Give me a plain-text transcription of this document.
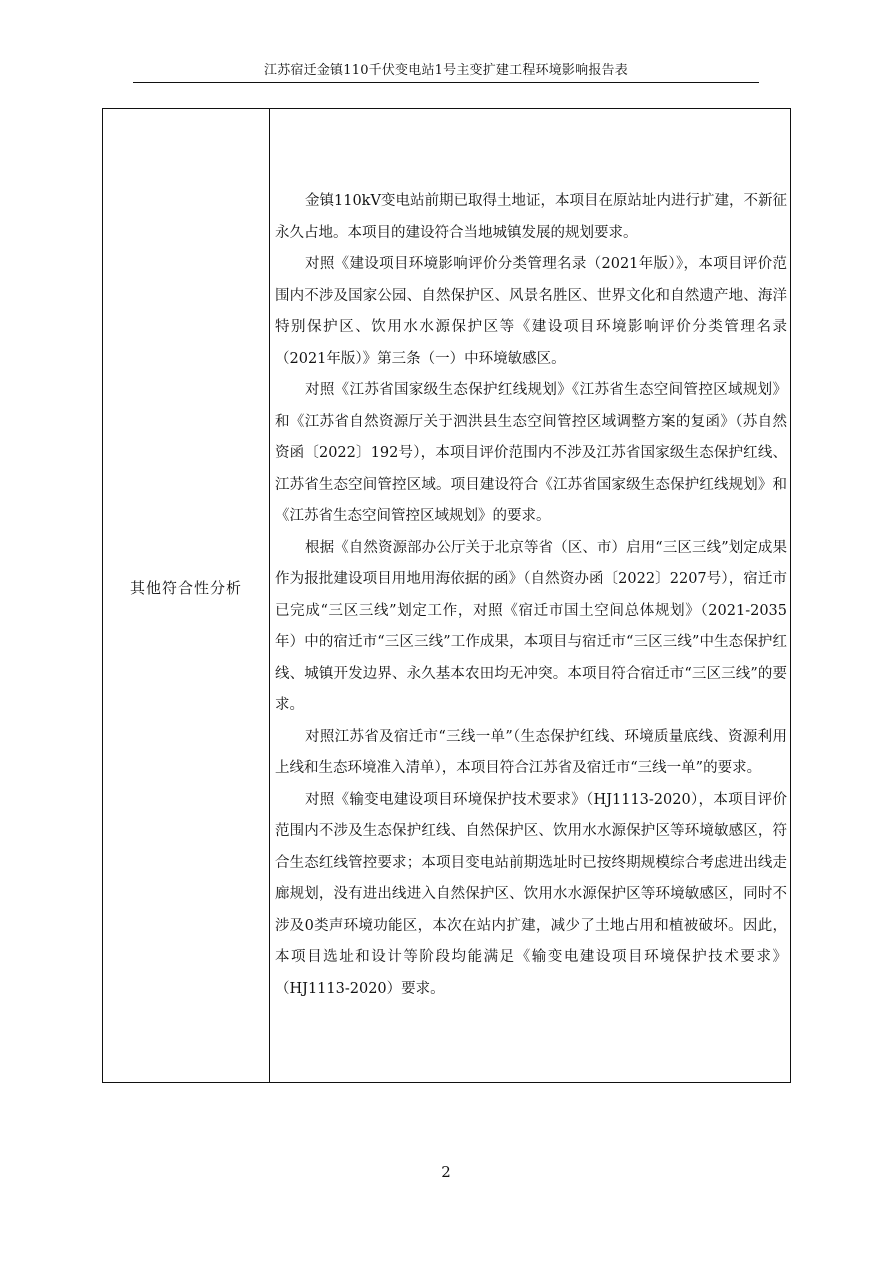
江苏宿迁金镇110千伏变电站1号主变扩建工程环境影响报告表
其他符合性分析

金镇110kV变电站前期已取得土地证，本项目在原站址内进行扩建，不新征永久占地。本项目的建设符合当地城镇发展的规划要求。

对照《建设项目环境影响评价分类管理名录（2021年版）》，本项目评价范围内不涉及国家公园、自然保护区、风景名胜区、世界文化和自然遗产地、海洋特别保护区、饮用水水源保护区等《建设项目环境影响评价分类管理名录（2021年版）》第三条（一）中环境敏感区。

对照《江苏省国家级生态保护红线规划》《江苏省生态空间管控区域规划》和《江苏省自然资源厅关于泗洪县生态空间管控区域调整方案的复函》（苏自然资函〔2022〕192号），本项目评价范围内不涉及江苏省国家级生态保护红线、江苏省生态空间管控区域。项目建设符合《江苏省国家级生态保护红线规划》和《江苏省生态空间管控区域规划》的要求。

根据《自然资源部办公厅关于北京等省（区、市）启用“三区三线”划定成果作为报批建设项目用地用海依据的函》（自然资办函〔2022〕2207号），宿迁市已完成“三区三线”划定工作，对照《宿迁市国土空间总体规划》（2021-2035年）中的宿迁市“三区三线”工作成果，本项目与宿迁市“三区三线”中生态保护红线、城镇开发边界、永久基本农田均无冲突。本项目符合宿迁市“三区三线”的要求。

对照江苏省及宿迁市“三线一单”（生态保护红线、环境质量底线、资源利用上线和生态环境准入清单），本项目符合江苏省及宿迁市“三线一单”的要求。

对照《输变电建设项目环境保护技术要求》（HJ1113-2020），本项目评价范围内不涉及生态保护红线、自然保护区、饮用水水源保护区等环境敏感区，符合生态红线管控要求；本项目变电站前期选址时已按终期规模综合考虑进出线走廊规划，没有进出线进入自然保护区、饮用水水源保护区等环境敏感区，同时不涉及0类声环境功能区，本次在站内扩建，减少了土地占用和植被破坏。因此，本项目选址和设计等阶段均能满足《输变电建设项目环境保护技术要求》（HJ1113-2020）要求。

2
